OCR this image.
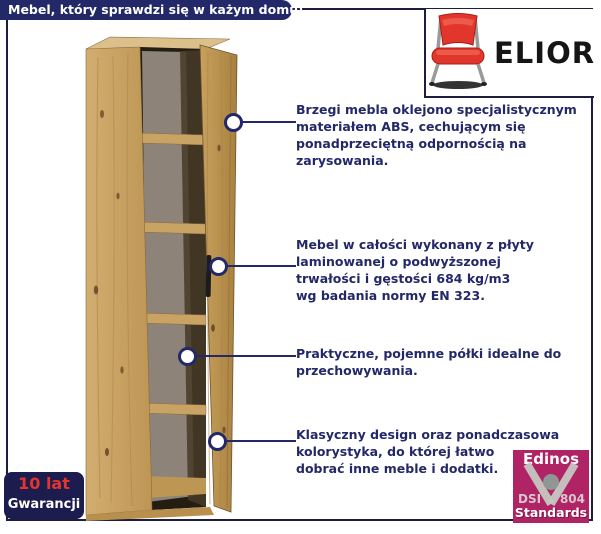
Mebel, który sprawdzi się w każym domu!
ELIOR
Brzegi mebla oklejono specjalistycznym
materiałem ABS, cechującym się
ponadprzeciętną odpornością na
zarysowania.
Mebel w całości wykonany z płyty
laminowanej o podwyższonej
trwałości i gęstości 684 kg/m3
wg badania normy EN 323.
Praktyczne, pojemne półki idealne do
przechowywania.
Klasyczny design oraz ponadczasowa
kolorystyka, do której łatwo
dobrać inne meble i dodatki.
10 lat
Gwarancji
Edinos
DSI 804
Standards
